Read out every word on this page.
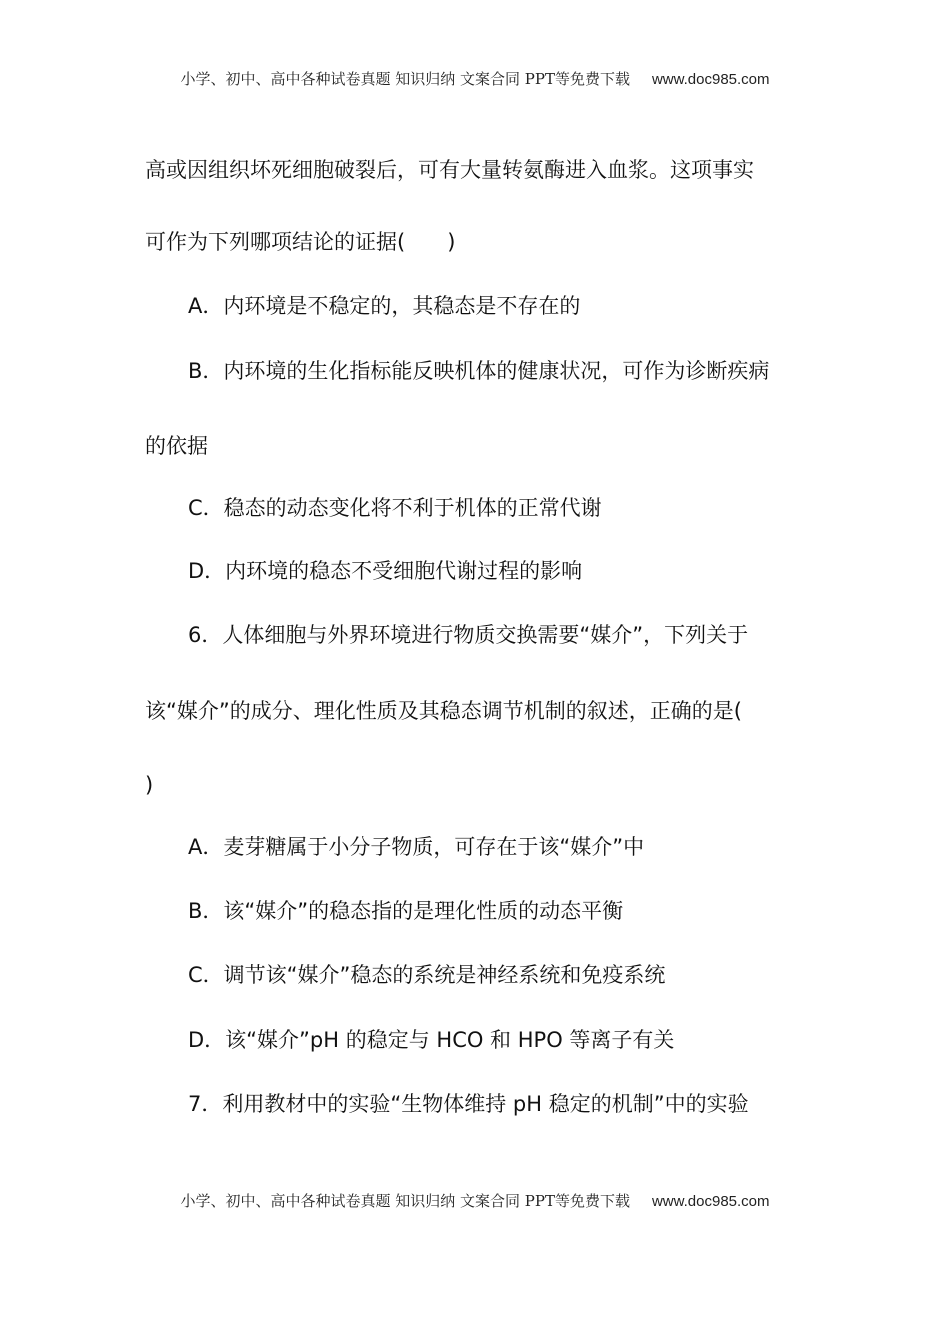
小学、初中、高中各种试卷真题 知识归纳 文案合同 PPT等免费下载 www.doc985.com
高或因组织坏死细胞破裂后，可有大量转氨酶进入血浆。这项事实
可作为下列哪项结论的证据(　　)
A．内环境是不稳定的，其稳态是不存在的
B．内环境的生化指标能反映机体的健康状况，可作为诊断疾病
的依据
C．稳态的动态变化将不利于机体的正常代谢
D．内环境的稳态不受细胞代谢过程的影响
6．人体细胞与外界环境进行物质交换需要“媒介”，下列关于
该“媒介”的成分、理化性质及其稳态调节机制的叙述，正确的是(
)
A．麦芽糖属于小分子物质，可存在于该“媒介”中
B．该“媒介”的稳态指的是理化性质的动态平衡
C．调节该“媒介”稳态的系统是神经系统和免疫系统
D．该“媒介”pH 的稳定与 HCO 和 HPO 等离子有关
7．利用教材中的实验“生物体维持 pH 稳定的机制”中的实验
小学、初中、高中各种试卷真题 知识归纳 文案合同 PPT等免费下载 www.doc985.com
